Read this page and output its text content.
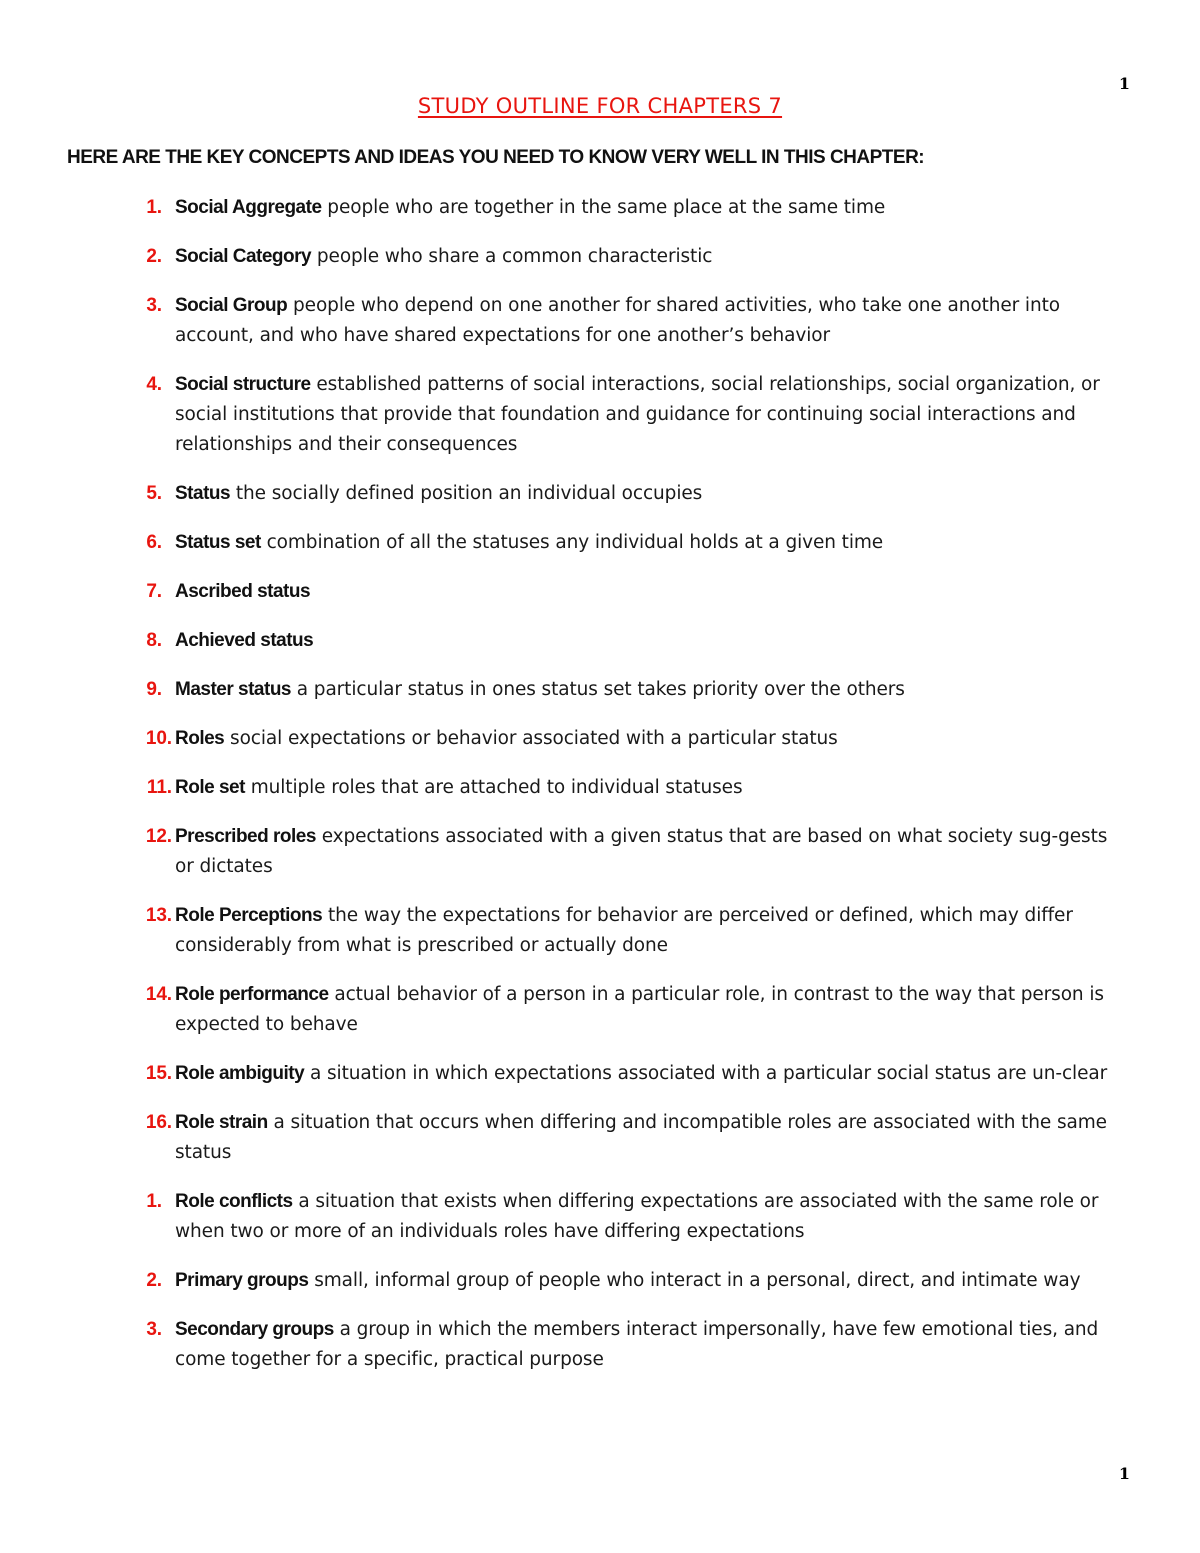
1
STUDY OUTLINE FOR CHAPTERS 7
HERE ARE THE KEY CONCEPTS AND IDEAS YOU NEED TO KNOW VERY WELL IN THIS CHAPTER:
1. Social Aggregate people who are together in the same place at the same time
2. Social Category people who share a common characteristic
3. Social Group people who depend on one another for shared activities, who take one another into account, and who have shared expectations for one another’s behavior
4. Social structure established patterns of social interactions, social relationships, social organization, or social institutions that provide that foundation and guidance for continuing social interactions and relationships and their consequences
5. Status the socially defined position an individual occupies
6. Status set combination of all the statuses any individual holds at a given time
7. Ascribed status
8. Achieved status
9. Master status a particular status in ones status set takes priority over the others
10. Roles social expectations or behavior associated with a particular status
11. Role set multiple roles that are attached to individual statuses
12. Prescribed roles expectations associated with a given status that are based on what society sug-gests or dictates
13. Role Perceptions the way the expectations for behavior are perceived or defined, which may differ considerably from what is prescribed or actually done
14. Role performance actual behavior of a person in a particular role, in contrast to the way that person is expected to behave
15. Role ambiguity a situation in which expectations associated with a particular social status are un-clear
16. Role strain a situation that occurs when differing and incompatible roles are associated with the same status
1. Role conflicts a situation that exists when differing expectations are associated with the same role or when two or more of an individuals roles have differing expectations
2. Primary groups small, informal group of people who interact in a personal, direct, and intimate way
3. Secondary groups a group in which the members interact impersonally, have few emotional ties, and come together for a specific, practical purpose
1
